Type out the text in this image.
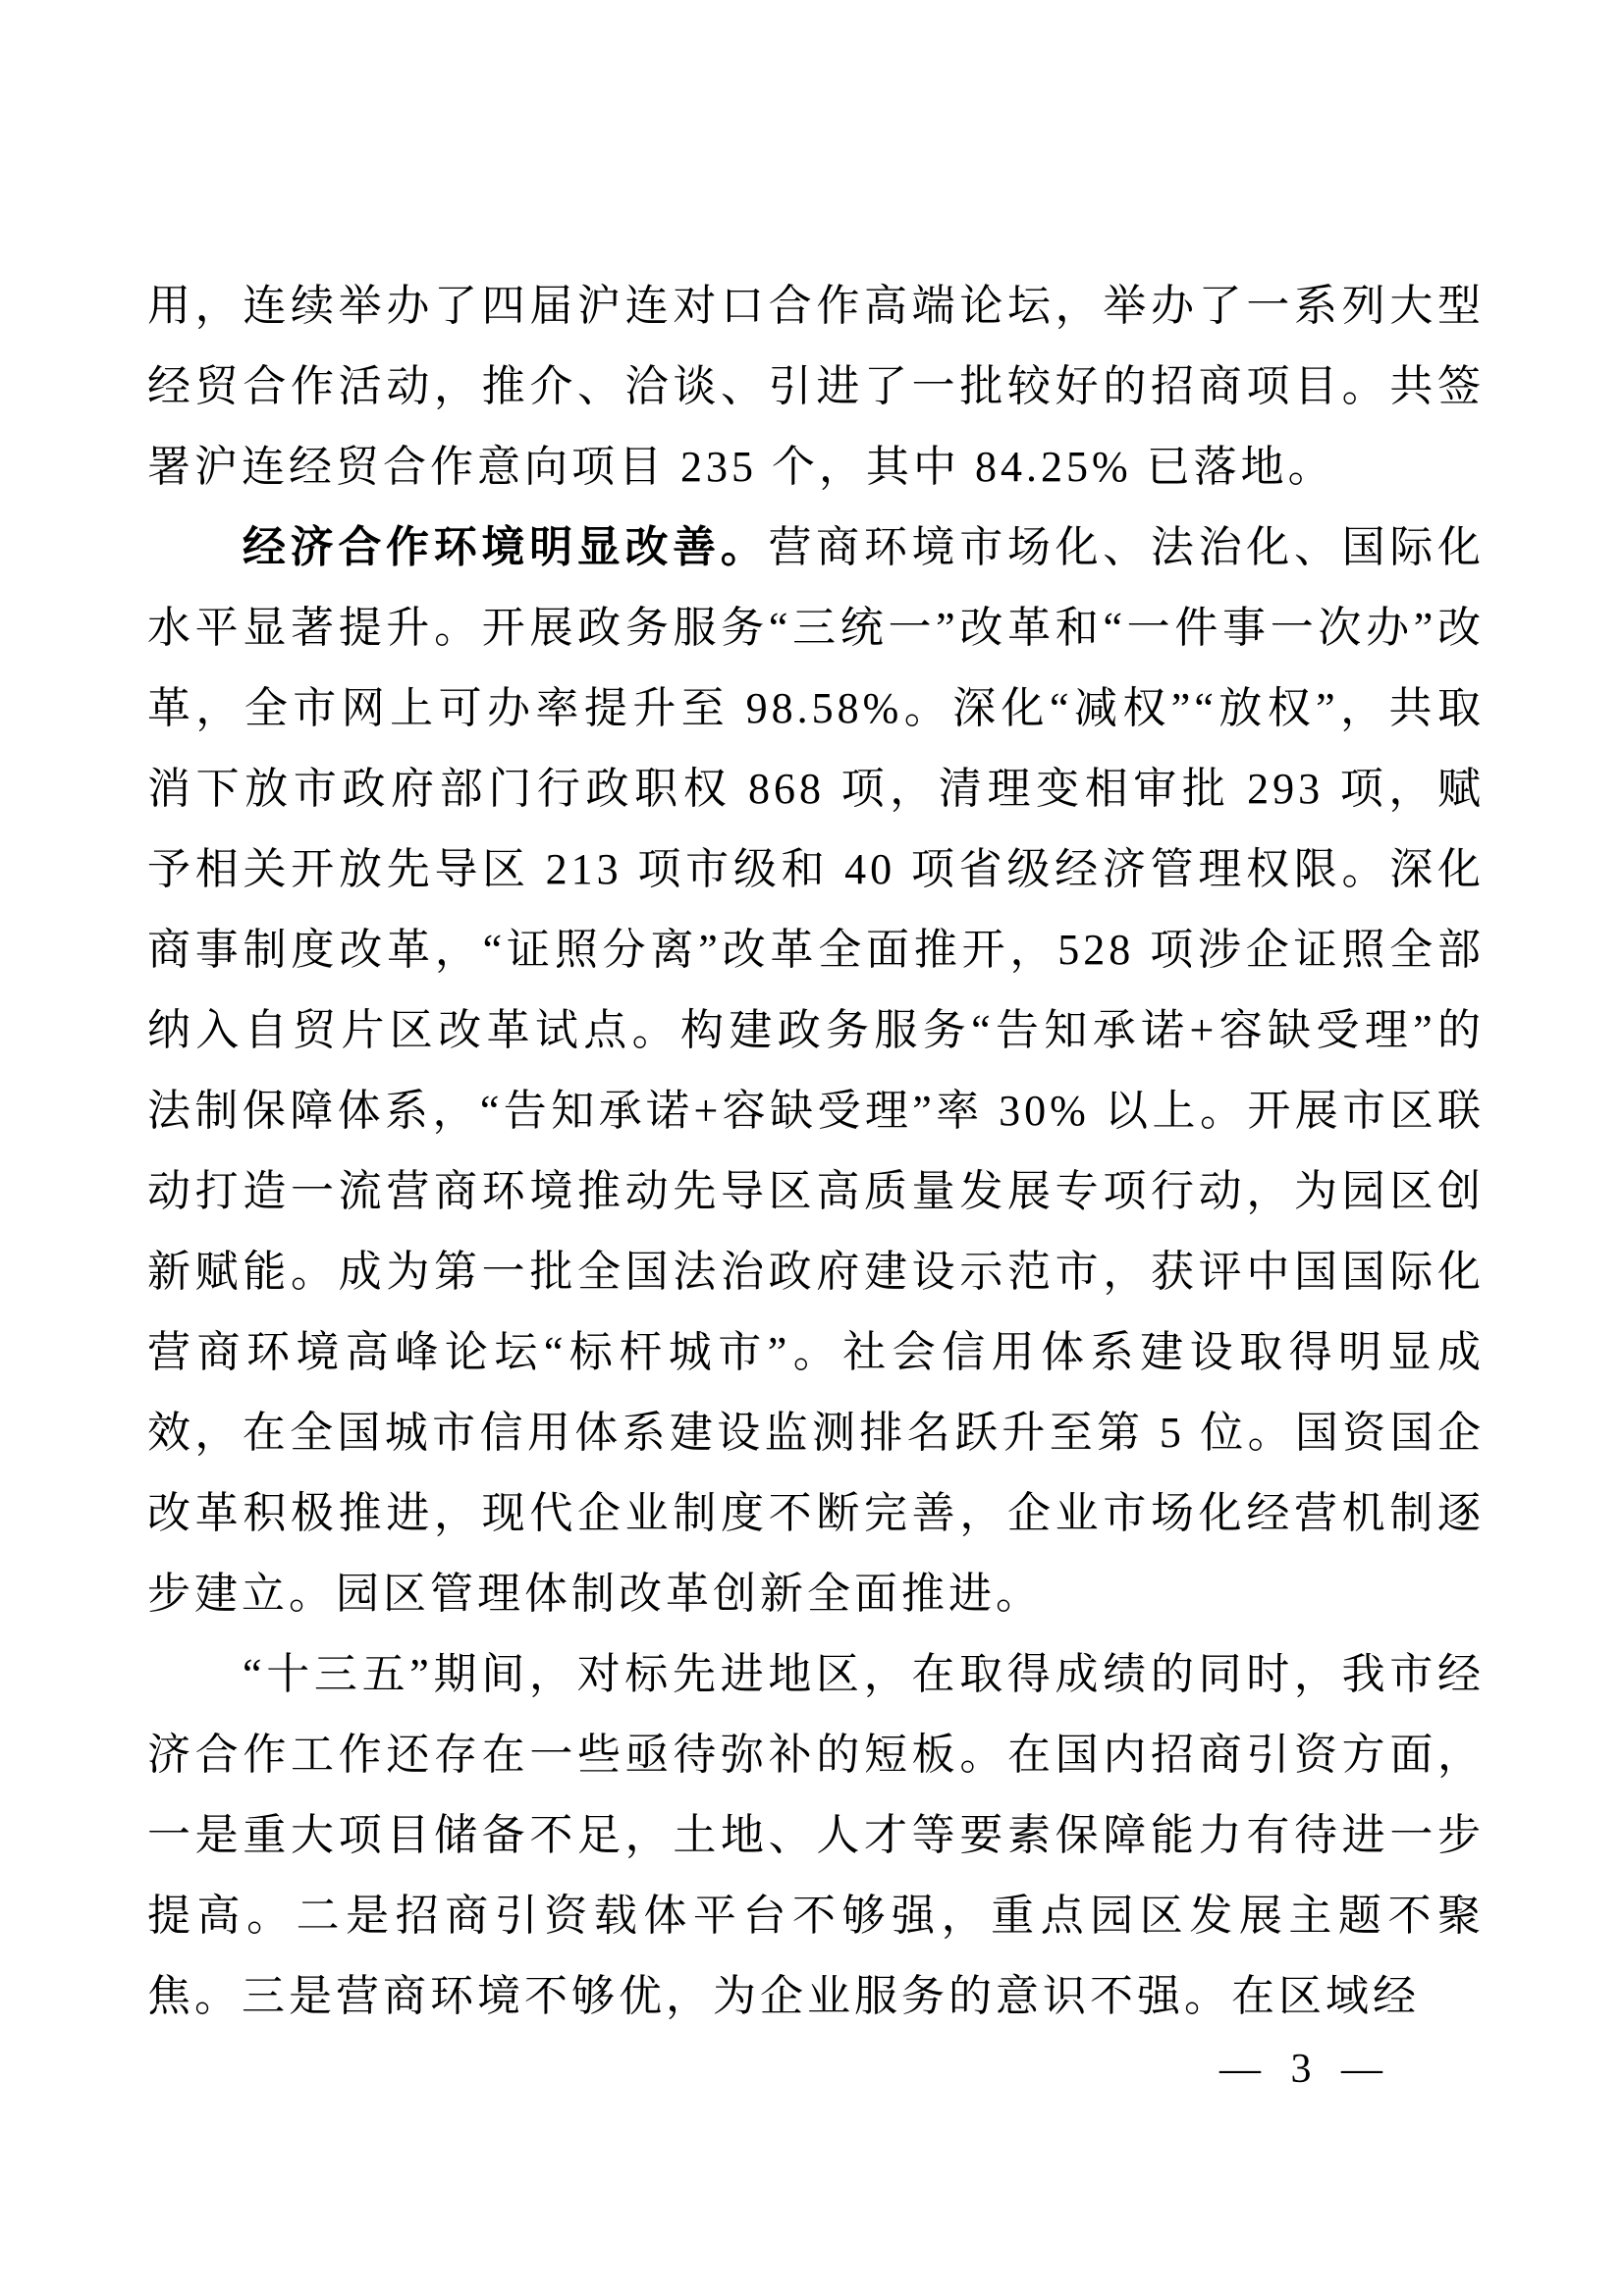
用，连续举办了四届沪连对口合作高端论坛，举办了一系列大型经贸合作活动，推介、洽谈、引进了一批较好的招商项目。共签署沪连经贸合作意向项目 235 个，其中 84.25% 已落地。

经济合作环境明显改善。营商环境市场化、法治化、国际化水平显著提升。开展政务服务“三统一”改革和“一件事一次办”改革，全市网上可办率提升至 98.58%。深化“减权”“放权”，共取消下放市政府部门行政职权 868 项，清理变相审批 293 项，赋予相关开放先导区 213 项市级和 40 项省级经济管理权限。深化商事制度改革，“证照分离”改革全面推开，528 项涉企证照全部纳入自贸片区改革试点。构建政务服务“告知承诺+容缺受理”的法制保障体系，“告知承诺+容缺受理”率 30% 以上。开展市区联动打造一流营商环境推动先导区高质量发展专项行动，为园区创新赋能。成为第一批全国法治政府建设示范市，获评中国国际化营商环境高峰论坛“标杆城市”。社会信用体系建设取得明显成效，在全国城市信用体系建设监测排名跃升至第 5 位。国资国企改革积极推进，现代企业制度不断完善，企业市场化经营机制逐步建立。园区管理体制改革创新全面推进。

“十三五”期间，对标先进地区，在取得成绩的同时，我市经济合作工作还存在一些亟待弥补的短板。在国内招商引资方面，一是重大项目储备不足，土地、人才等要素保障能力有待进一步提高。二是招商引资载体平台不够强，重点园区发展主题不聚焦。三是营商环境不够优，为企业服务的意识不强。在区域经

— 3 —
